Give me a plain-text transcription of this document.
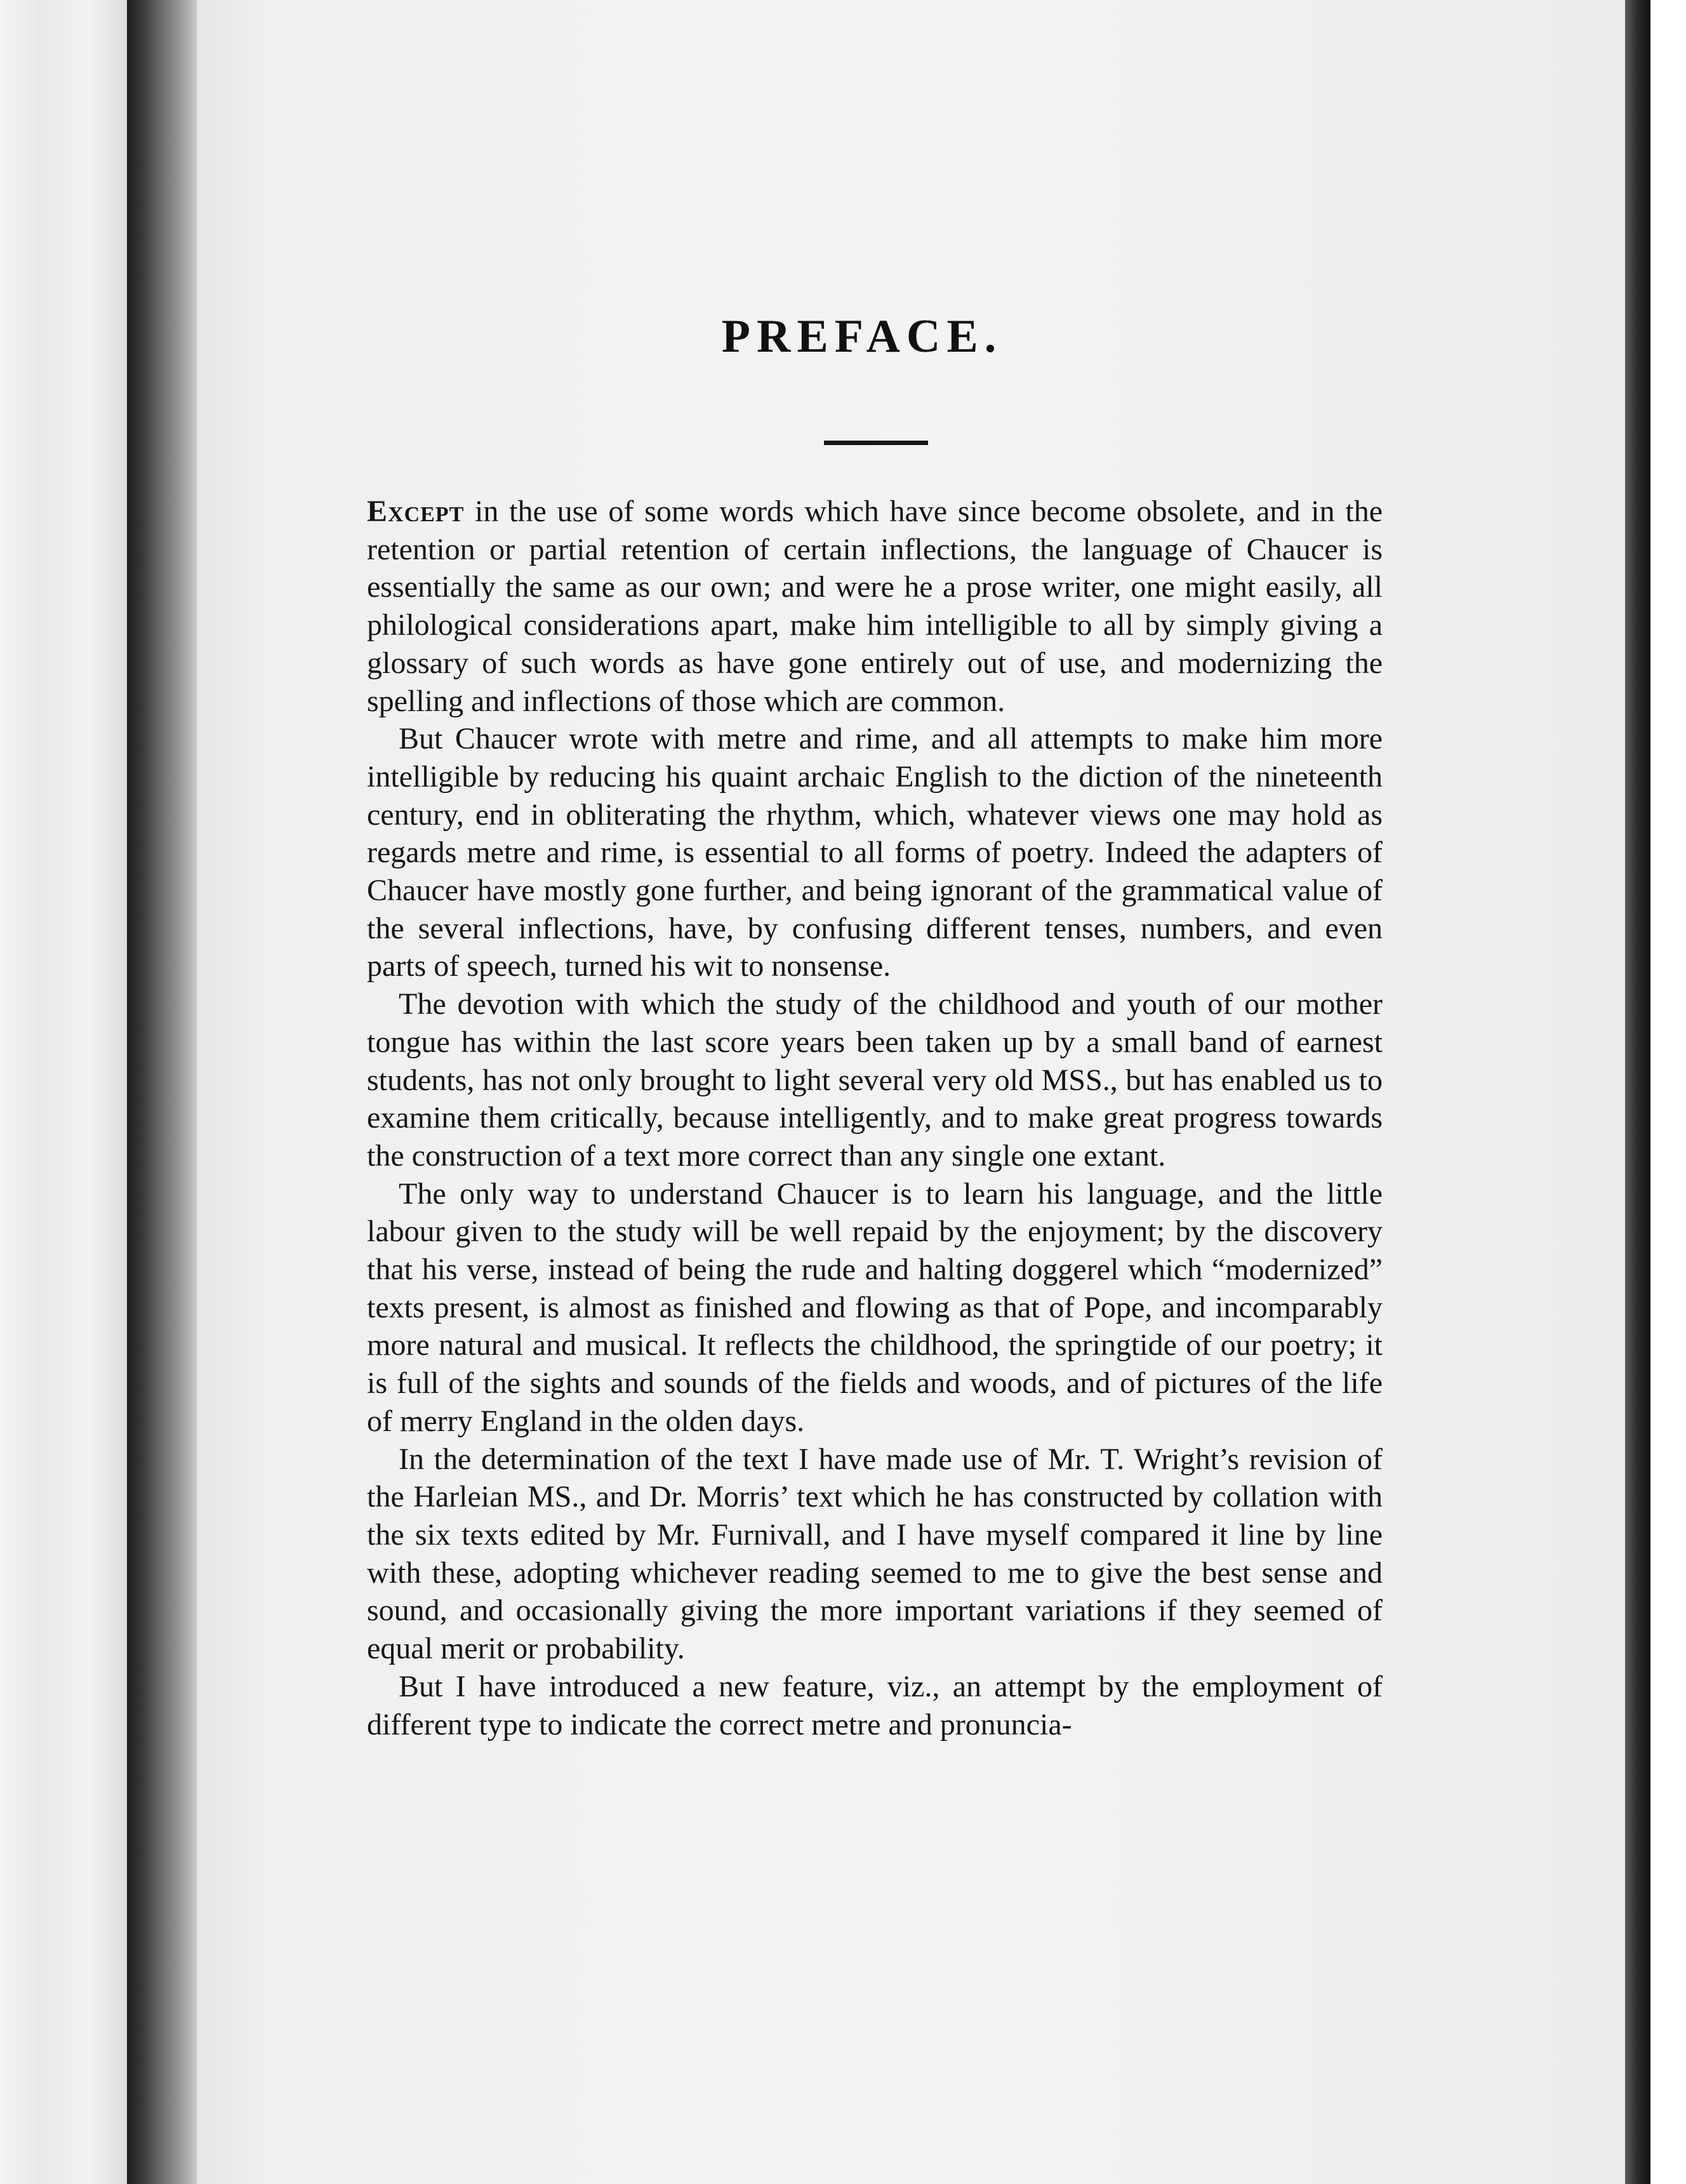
PREFACE.

Except in the use of some words which have since become obsolete, and in the retention or partial retention of certain inflections, the language of Chaucer is essentially the same as our own; and were he a prose writer, one might easily, all philological considerations apart, make him intelligible to all by simply giving a glossary of such words as have gone entirely out of use, and modernizing the spelling and inflections of those which are common.

But Chaucer wrote with metre and rime, and all attempts to make him more intelligible by reducing his quaint archaic English to the diction of the nineteenth century, end in obliterating the rhythm, which, whatever views one may hold as regards metre and rime, is essential to all forms of poetry. Indeed the adapters of Chaucer have mostly gone further, and being ignorant of the grammatical value of the several inflections, have, by confusing different tenses, numbers, and even parts of speech, turned his wit to nonsense.

The devotion with which the study of the childhood and youth of our mother tongue has within the last score years been taken up by a small band of earnest students, has not only brought to light several very old MSS., but has enabled us to examine them critically, because intelligently, and to make great progress towards the construction of a text more correct than any single one extant.

The only way to understand Chaucer is to learn his language, and the little labour given to the study will be well repaid by the enjoyment; by the discovery that his verse, instead of being the rude and halting doggerel which “modernized” texts present, is almost as finished and flowing as that of Pope, and incomparably more natural and musical. It reflects the childhood, the springtide of our poetry; it is full of the sights and sounds of the fields and woods, and of pictures of the life of merry England in the olden days.

In the determination of the text I have made use of Mr. T. Wright’s revision of the Harleian MS., and Dr. Morris’ text which he has constructed by collation with the six texts edited by Mr. Furnivall, and I have myself compared it line by line with these, adopting whichever reading seemed to me to give the best sense and sound, and occasionally giving the more important variations if they seemed of equal merit or probability.

But I have introduced a new feature, viz., an attempt by the employment of different type to indicate the correct metre and pronuncia-
